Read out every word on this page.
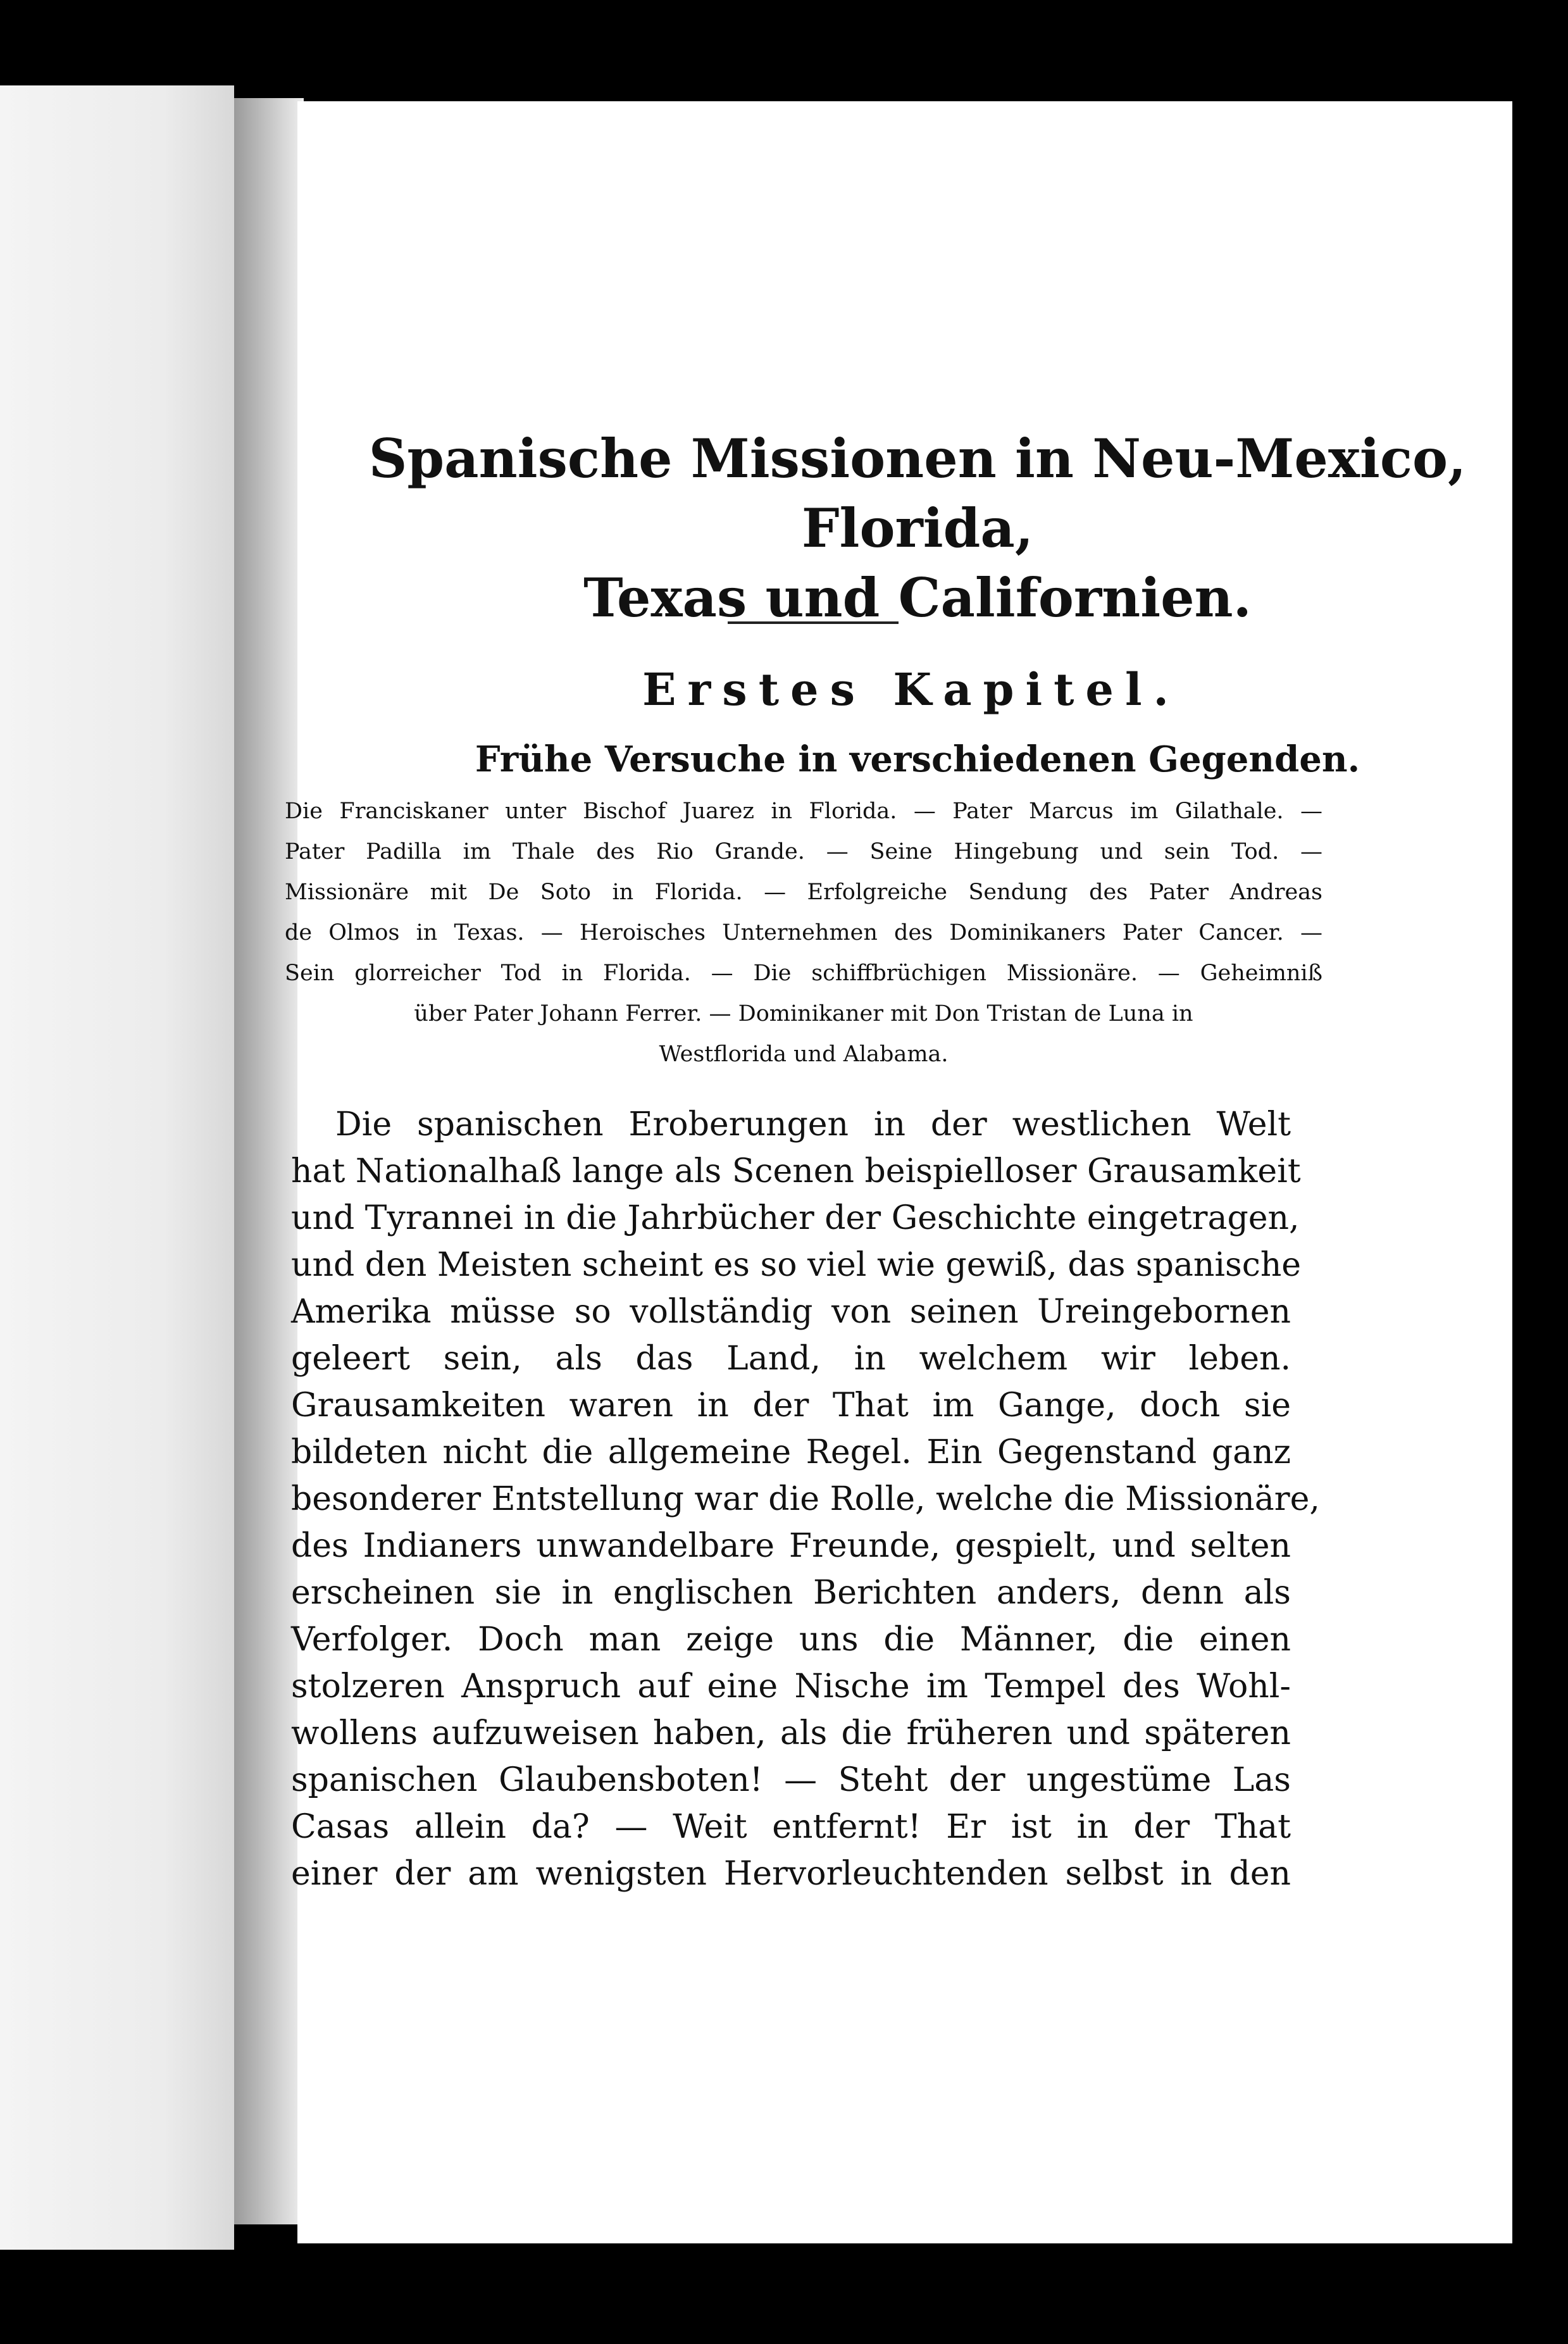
Spanische Missionen in Neu-Mexico, Florida,
Texas und Californien.
Erstes Kapitel.
Frühe Versuche in verschiedenen Gegenden.

Die Franciskaner unter Bischof Juarez in Florida. — Pater Marcus im Gilathale. —
Pater Padilla im Thale des Rio Grande. — Seine Hingebung und sein Tod. —
Missionäre mit De Soto in Florida. — Erfolgreiche Sendung des Pater Andreas
de Olmos in Texas. — Heroisches Unternehmen des Dominikaners Pater Cancer. —
Sein glorreicher Tod in Florida. — Die schiffbrüchigen Missionäre. — Geheimniß
über Pater Johann Ferrer. — Dominikaner mit Don Tristan de Luna in
Westflorida und Alabama.

Die spanischen Eroberungen in der westlichen Welt
hat Nationalhaß lange als Scenen beispielloser Grausamkeit
und Tyrannei in die Jahrbücher der Geschichte eingetragen,
und den Meisten scheint es so viel wie gewiß, das spanische
Amerika müsse so vollständig von seinen Ureingebornen
geleert sein, als das Land, in welchem wir leben.
Grausamkeiten waren in der That im Gange, doch sie
bildeten nicht die allgemeine Regel. Ein Gegenstand ganz
besonderer Entstellung war die Rolle, welche die Missionäre,
des Indianers unwandelbare Freunde, gespielt, und selten
erscheinen sie in englischen Berichten anders, denn als
Verfolger. Doch man zeige uns die Männer, die einen
stolzeren Anspruch auf eine Nische im Tempel des Wohl-
wollens aufzuweisen haben, als die früheren und späteren
spanischen Glaubensboten! — Steht der ungestüme Las
Casas allein da? — Weit entfernt! Er ist in der That
einer der am wenigsten Hervorleuchtenden selbst in den
